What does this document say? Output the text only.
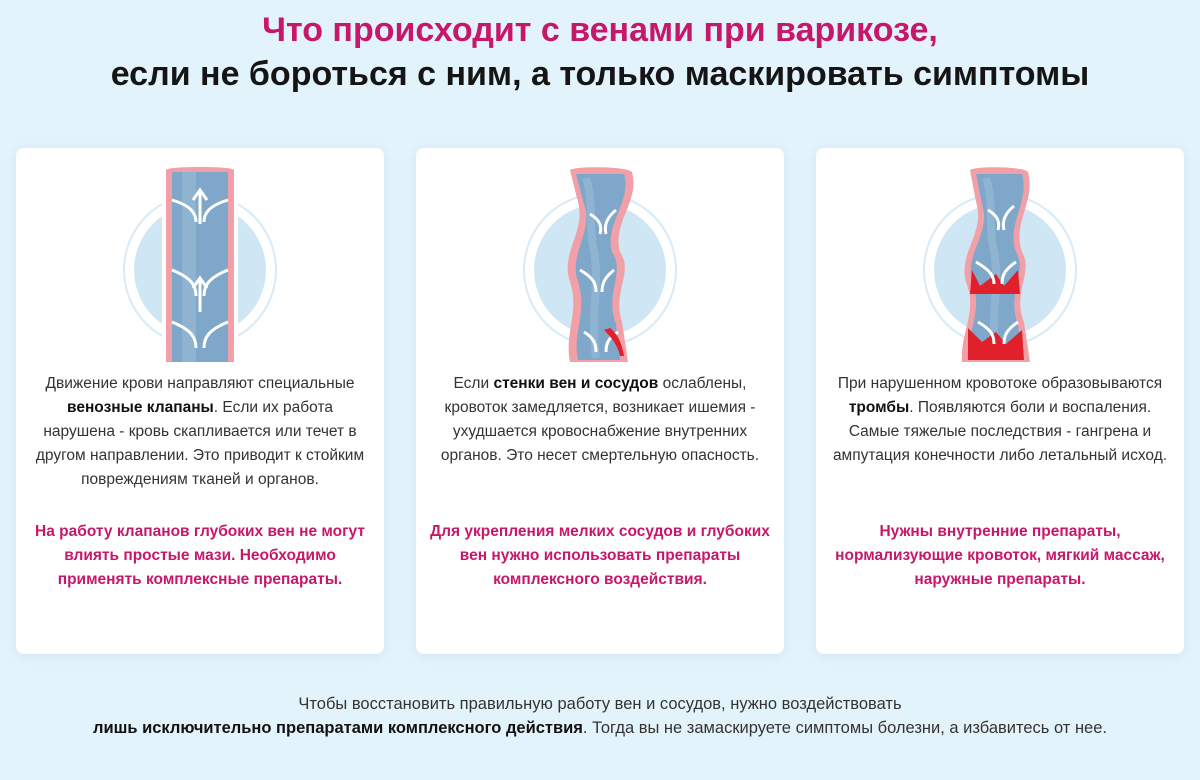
Что происходит с венами при варикозе,
если не бороться с ним, а только маскировать симптомы
Движение крови направляют специальные венозные клапаны. Если их работа нарушена - кровь скапливается или течет в другом направлении. Это приводит к стойким повреждениям тканей и органов.
На работу клапанов глубоких вен не могут влиять простые мази. Необходимо применять комплексные препараты.
Если стенки вен и сосудов ослаблены, кровоток замедляется, возникает ишемия - ухудшается кровоснабжение внутренних органов. Это несет смертельную опасность.
Для укрепления мелких сосудов и глубоких вен нужно использовать препараты комплексного воздействия.
При нарушенном кровотоке образовываются тромбы. Появляются боли и воспаления. Самые тяжелые последствия - гангрена и ампутация конечности либо летальный исход.
Нужны внутренние препараты, нормализующие кровоток, мягкий массаж, наружные препараты.
Чтобы восстановить правильную работу вен и сосудов, нужно воздействовать
лишь исключительно препаратами комплексного действия. Тогда вы не замаскируете симптомы болезни, а избавитесь от нее.
